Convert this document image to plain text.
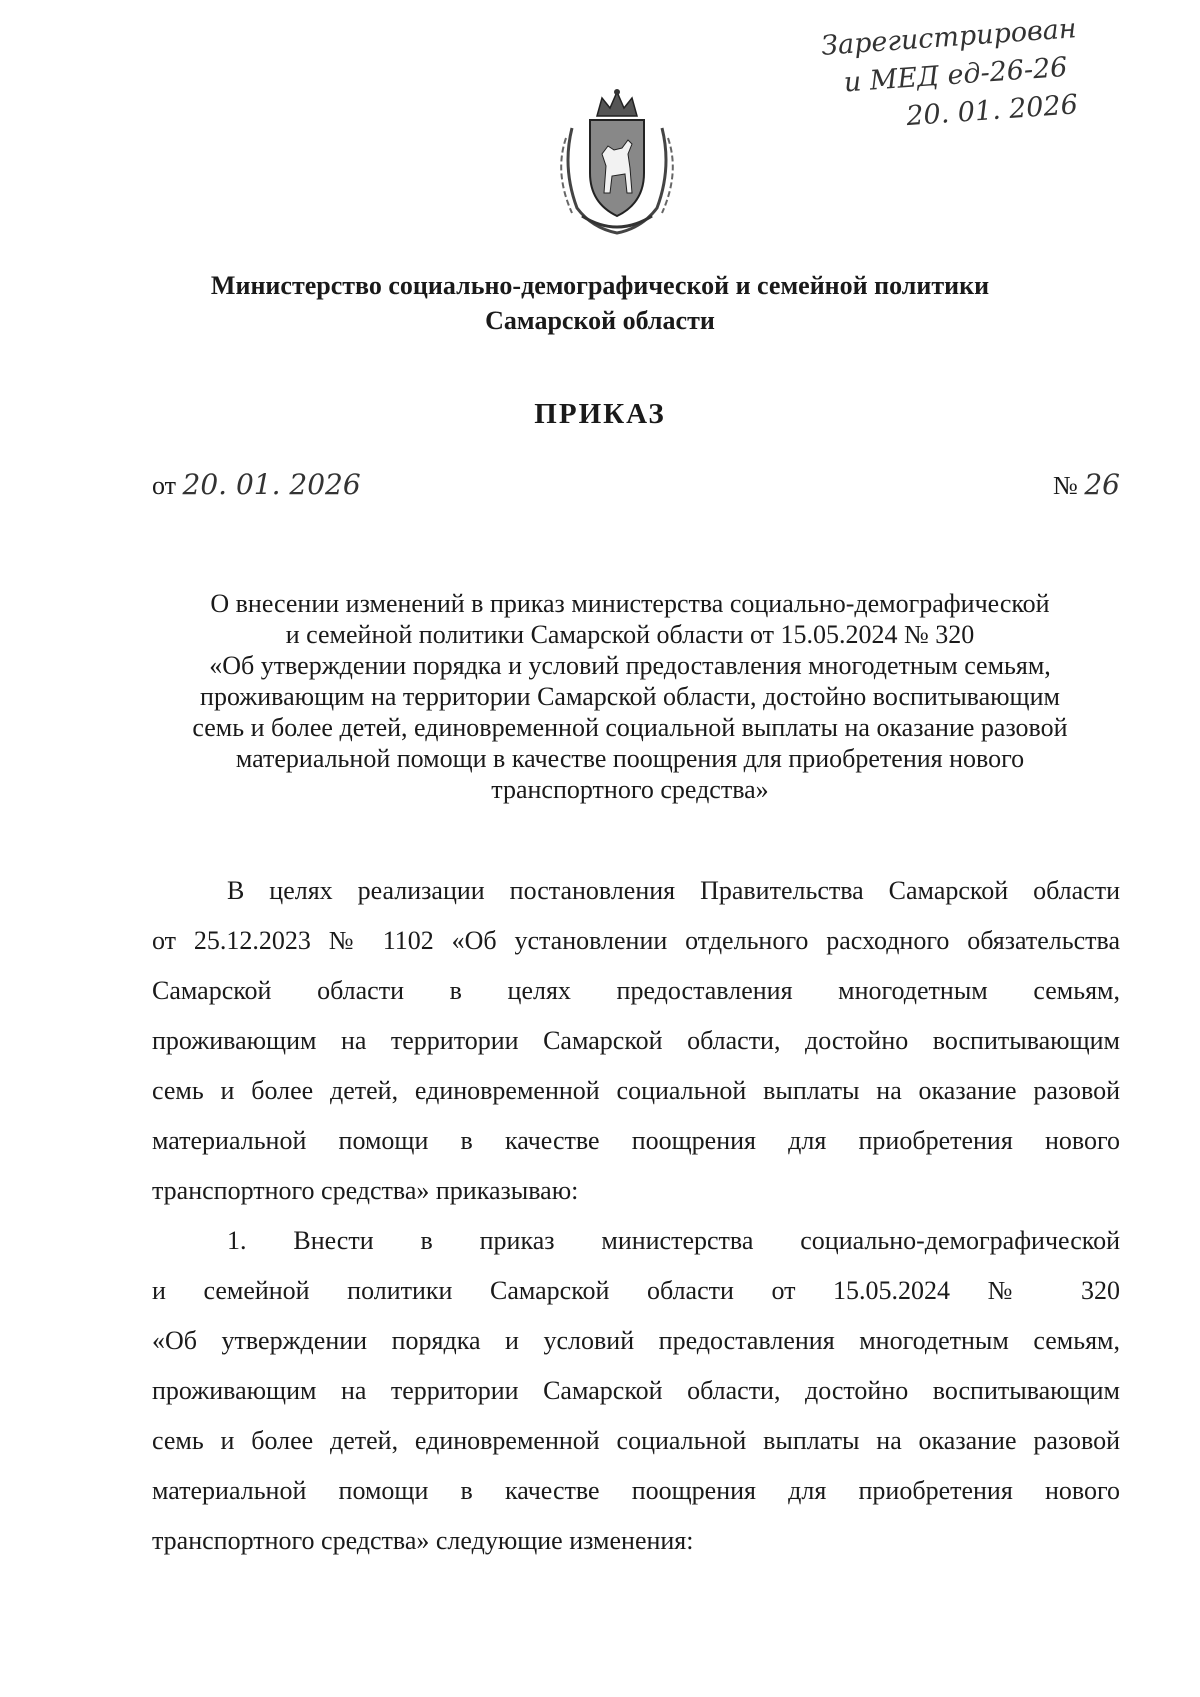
Зарегистрирован
и МЕД ед-26-26
20. 01. 2026
Министерство социально-демографической и семейной политики
Самарской области
ПРИКАЗ
от 20. 01. 2026	№ 26
О внесении изменений в приказ министерства социально-демографической
и семейной политики Самарской области от 15.05.2024 № 320
«Об утверждении порядка и условий предоставления многодетным семьям,
проживающим на территории Самарской области, достойно воспитывающим
семь и более детей, единовременной социальной выплаты на оказание разовой
материальной помощи в качестве поощрения для приобретения нового
транспортного средства»
В целях реализации постановления Правительства Самарской области
от 25.12.2023 № 1102 «Об установлении отдельного расходного обязательства
Самарской области в целях предоставления многодетным семьям,
проживающим на территории Самарской области, достойно воспитывающим
семь и более детей, единовременной социальной выплаты на оказание разовой
материальной помощи в качестве поощрения для приобретения нового
транспортного средства» приказываю:
1. Внести в приказ министерства социально-демографической
и семейной политики Самарской области от 15.05.2024 № 320
«Об утверждении порядка и условий предоставления многодетным семьям,
проживающим на территории Самарской области, достойно воспитывающим
семь и более детей, единовременной социальной выплаты на оказание разовой
материальной помощи в качестве поощрения для приобретения нового
транспортного средства» следующие изменения:
